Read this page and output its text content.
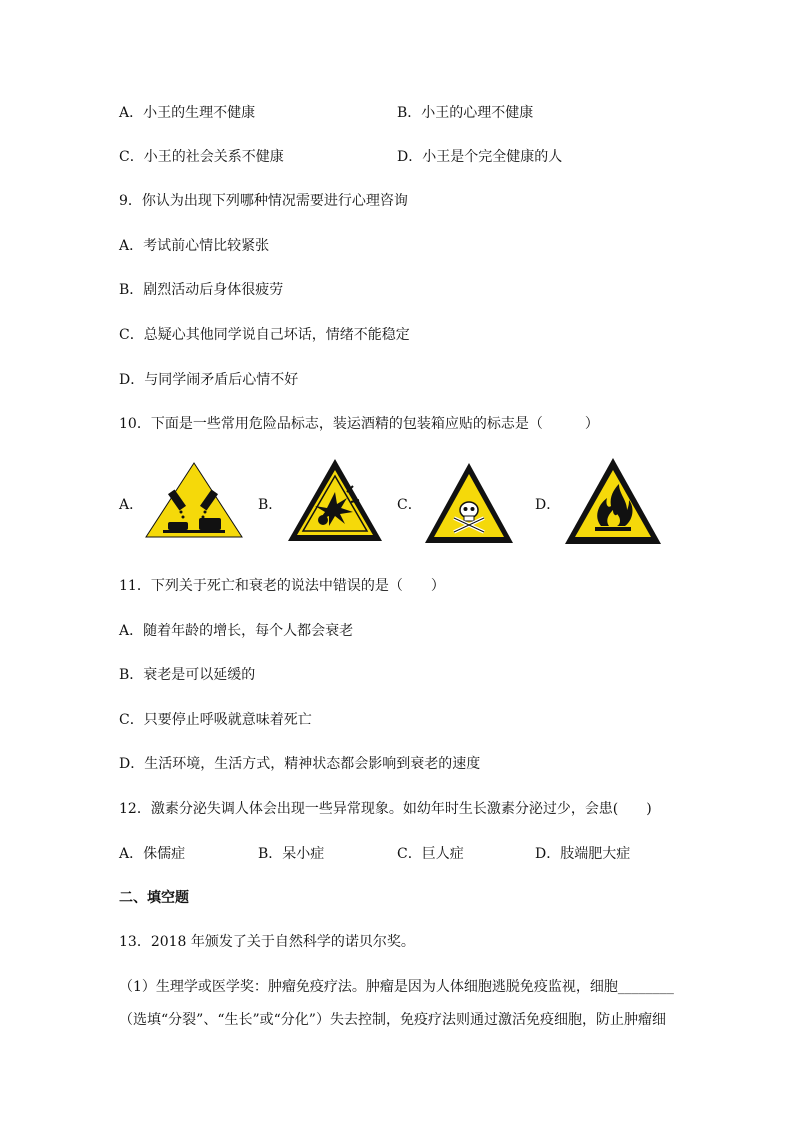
A．小王的生理不健康	B．小王的心理不健康
C．小王的社会关系不健康	D．小王是个完全健康的人
9．你认为出现下列哪种情况需要进行心理咨询
A．考试前心情比较紧张
B．剧烈活动后身体很疲劳
C．总疑心其他同学说自己坏话，情绪不能稳定
D．与同学闹矛盾后心情不好
10．下面是一些常用危险品标志，装运酒精的包装箱应贴的标志是（　　　）
A．	B．	C．	D．
11．下列关于死亡和衰老的说法中错误的是（　　）
A．随着年龄的增长，每个人都会衰老
B．衰老是可以延缓的
C．只要停止呼吸就意味着死亡
D．生活环境，生活方式，精神状态都会影响到衰老的速度
12．激素分泌失调人体会出现一些异常现象。如幼年时生长激素分泌过少，会患(　　)
A．侏儒症	B．呆小症	C．巨人症	D．肢端肥大症
二、填空题
13．2018 年颁发了关于自然科学的诺贝尔奖。
（1）生理学或医学奖：肿瘤免疫疗法。肿瘤是因为人体细胞逃脱免疫监视，细胞________
（选填“分裂”、“生长”或“分化”）失去控制，免疫疗法则通过激活免疫细胞，防止肿瘤细
